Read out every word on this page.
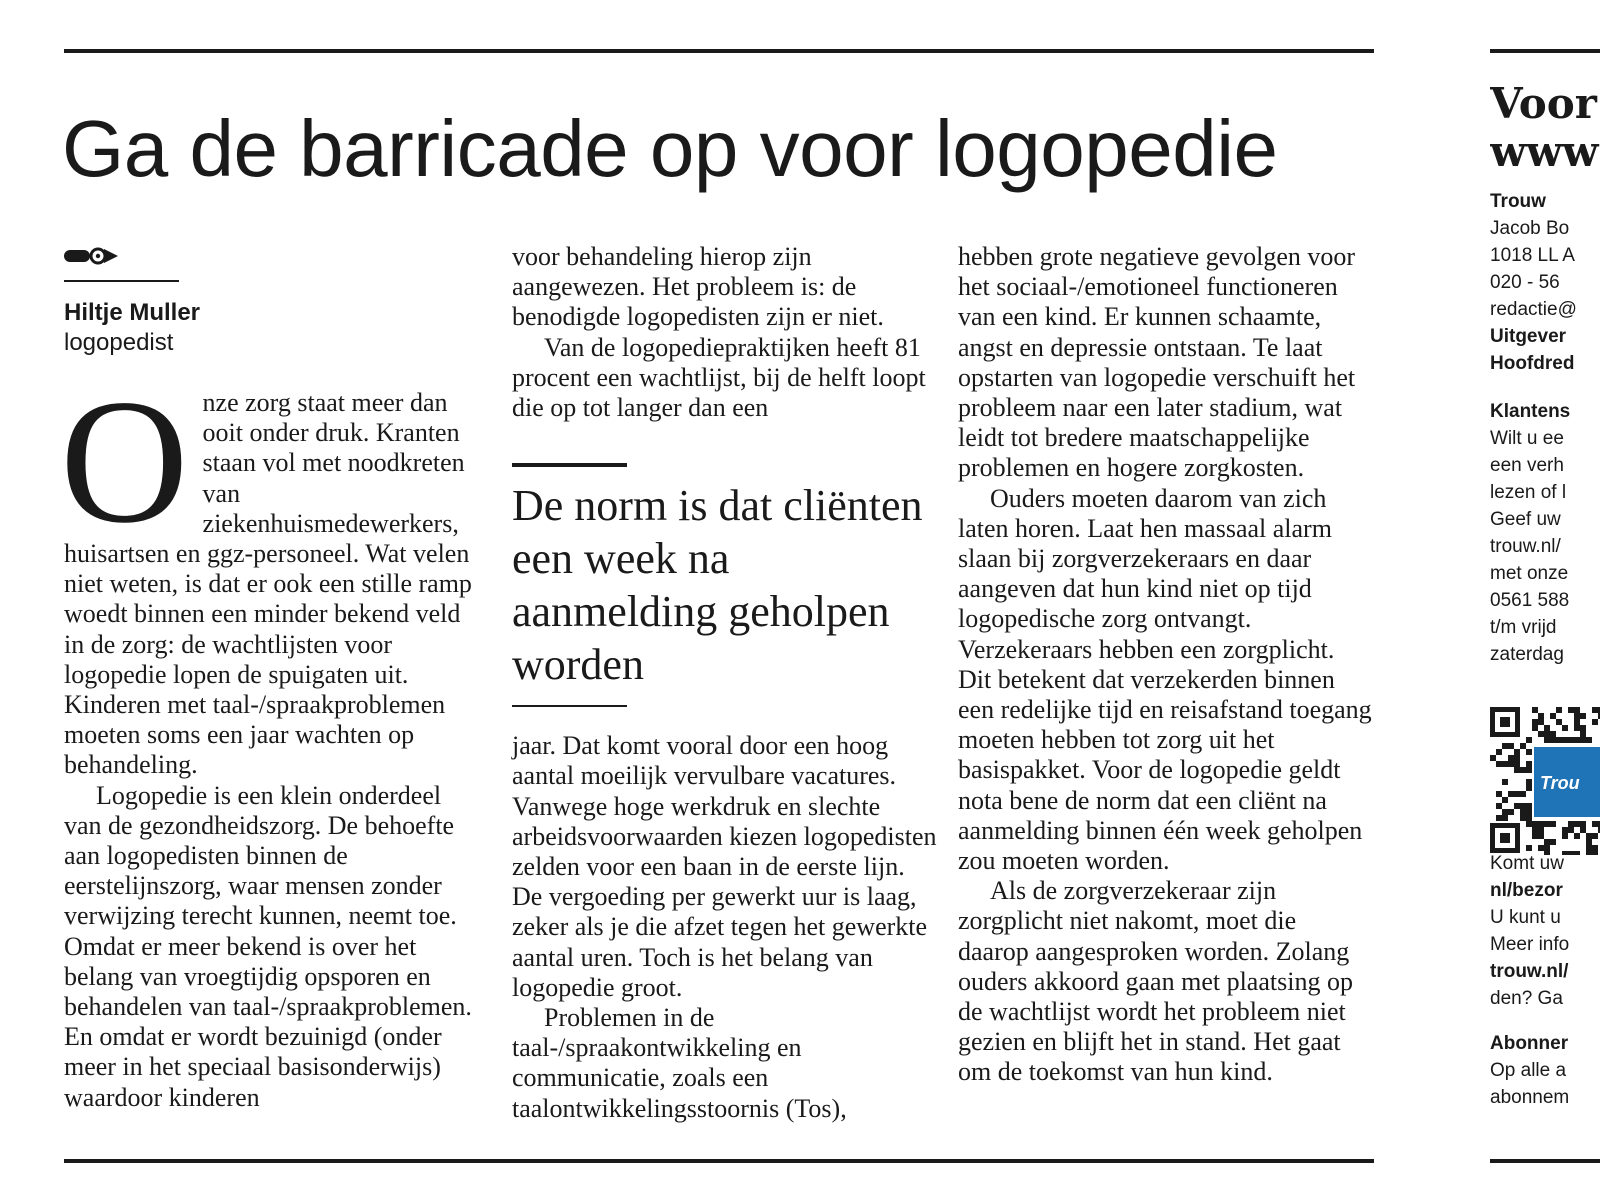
Ga de barricade op voor logopedie
Hiltje Muller
logopedist

Onze zorg staat meer dan ooit onder druk. Kranten staan vol met noodkreten van ziekenhuismedewerkers, huisartsen en ggz-personeel. Wat velen niet weten, is dat er ook een stille ramp woedt binnen een minder bekend veld in de zorg: de wachtlijsten voor logopedie lopen de spuigaten uit. Kinderen met taal-/spraakproblemen moeten soms een jaar wachten op behandeling.

Logopedie is een klein onderdeel van de gezondheidszorg. De behoefte aan logopedisten binnen de eerstelijnszorg, waar mensen zonder verwijzing terecht kunnen, neemt toe. Omdat er meer bekend is over het belang van vroegtijdig opsporen en behandelen van taal-/spraakproblemen. En omdat er wordt bezuinigd (onder meer in het speciaal basisonderwijs) waardoor kinderen

voor behandeling hierop zijn aangewezen. Het probleem is: de benodigde logopedisten zijn er niet.

Van de logopediepraktijken heeft 81 procent een wachtlijst, bij de helft loopt die op tot langer dan een

De norm is dat cliënten een week na aanmelding geholpen worden

jaar. Dat komt vooral door een hoog aantal moeilijk vervulbare vacatures. Vanwege hoge werkdruk en slechte arbeidsvoorwaarden kiezen logopedisten zelden voor een baan in de eerste lijn. De vergoeding per gewerkt uur is laag, zeker als je die afzet tegen het gewerkte aantal uren. Toch is het belang van logopedie groot.

Problemen in de taal-/spraakontwikkeling en communicatie, zoals een taalontwikkelingsstoornis (Tos),

hebben grote negatieve gevolgen voor het sociaal-/emotioneel functioneren van een kind. Er kunnen schaamte, angst en depressie ontstaan. Te laat opstarten van logopedie verschuift het probleem naar een later stadium, wat leidt tot bredere maatschappelijke problemen en hogere zorgkosten.

Ouders moeten daarom van zich laten horen. Laat hen massaal alarm slaan bij zorgverzekeraars en daar aangeven dat hun kind niet op tijd logopedische zorg ontvangt. Verzekeraars hebben een zorgplicht. Dit betekent dat verzekerden binnen een redelijke tijd en reisafstand toegang moeten hebben tot zorg uit het basispakket. Voor de logopedie geldt nota bene de norm dat een cliënt na aanmelding binnen één week geholpen zou moeten worden.

Als de zorgverzekeraar zijn zorgplicht niet nakomt, moet die daarop aangesproken worden. Zolang ouders akkoord gaan met plaatsing op de wachtlijst wordt het probleem niet gezien en blijft het in stand. Het gaat om de toekomst van hun kind.

Voor
www
Trouw
Jacob Bo
1018 LL A
020 - 56
redactie@
Uitgever
Hoofdred
Klantens
Wilt u ee
een verh
lezen of l
Geef uw
trouw.nl/
met onze
0561 588
t/m vrijd
zaterdag
Trou
Komt uw
nl/bezor
U kunt u
Meer info
trouw.nl/
den? Ga
Abonner
Op alle a
abonnem
